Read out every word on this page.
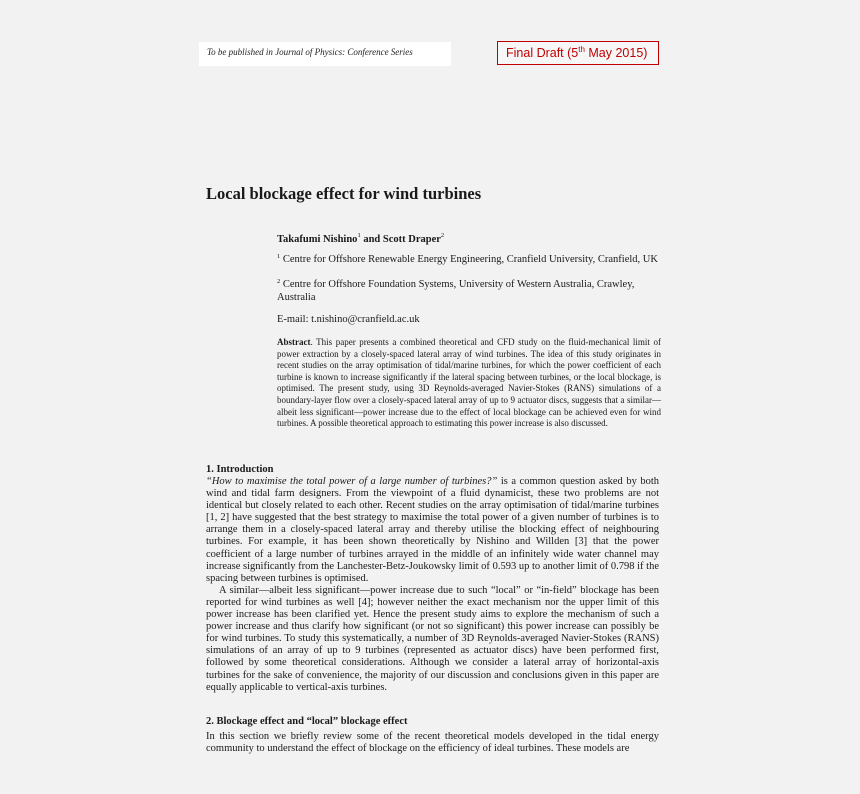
To be published in Journal of Physics: Conference Series	Final Draft (5th May 2015)
Local blockage effect for wind turbines
Takafumi Nishino$^1$ and Scott Draper$^2$
$^1$ Centre for Offshore Renewable Energy Engineering, Cranfield University, Cranfield, UK
$^2$ Centre for Offshore Foundation Systems, University of Western Australia, Crawley, Australia
E-mail: t.nishino@cranfield.ac.uk
Abstract. This paper presents a combined theoretical and CFD study on the fluid-mechanical limit of power extraction by a closely-spaced lateral array of wind turbines. The idea of this study originates in recent studies on the array optimisation of tidal/marine turbines, for which the power coefficient of each turbine is known to increase significantly if the lateral spacing between turbines, or the local blockage, is optimised. The present study, using 3D Reynolds-averaged Navier-Stokes (RANS) simulations of a boundary-layer flow over a closely-spaced lateral array of up to 9 actuator discs, suggests that a similar—albeit less significant—power increase due to the effect of local blockage can be achieved even for wind turbines. A possible theoretical approach to estimating this power increase is also discussed.
1. Introduction

“How to maximise the total power of a large number of turbines?” is a common question asked by both wind and tidal farm designers. From the viewpoint of a fluid dynamicist, these two problems are not identical but closely related to each other. Recent studies on the array optimisation of tidal/marine turbines [1, 2] have suggested that the best strategy to maximise the total power of a given number of turbines is to arrange them in a closely-spaced lateral array and thereby utilise the blocking effect of neighbouring turbines. For example, it has been shown theoretically by Nishino and Willden [3] that the power coefficient of a large number of turbines arrayed in the middle of an infinitely wide water channel may increase significantly from the Lanchester-Betz-Joukowsky limit of 0.593 up to another limit of 0.798 if the spacing between turbines is optimised.

A similar—albeit less significant—power increase due to such “local” or “in-field” blockage has been reported for wind turbines as well [4]; however neither the exact mechanism nor the upper limit of this power increase has been clarified yet. Hence the present study aims to explore the mechanism of such a power increase and thus clarify how significant (or not so significant) this power increase can possibly be for wind turbines. To study this systematically, a number of 3D Reynolds-averaged Navier-Stokes (RANS) simulations of an array of up to 9 turbines (represented as actuator discs) have been performed first, followed by some theoretical considerations. Although we consider a lateral array of horizontal-axis turbines for the sake of convenience, the majority of our discussion and conclusions given in this paper are equally applicable to vertical-axis turbines.

2. Blockage effect and “local” blockage effect

In this section we briefly review some of the recent theoretical models developed in the tidal energy community to understand the effect of blockage on the efficiency of ideal turbines. These models are
